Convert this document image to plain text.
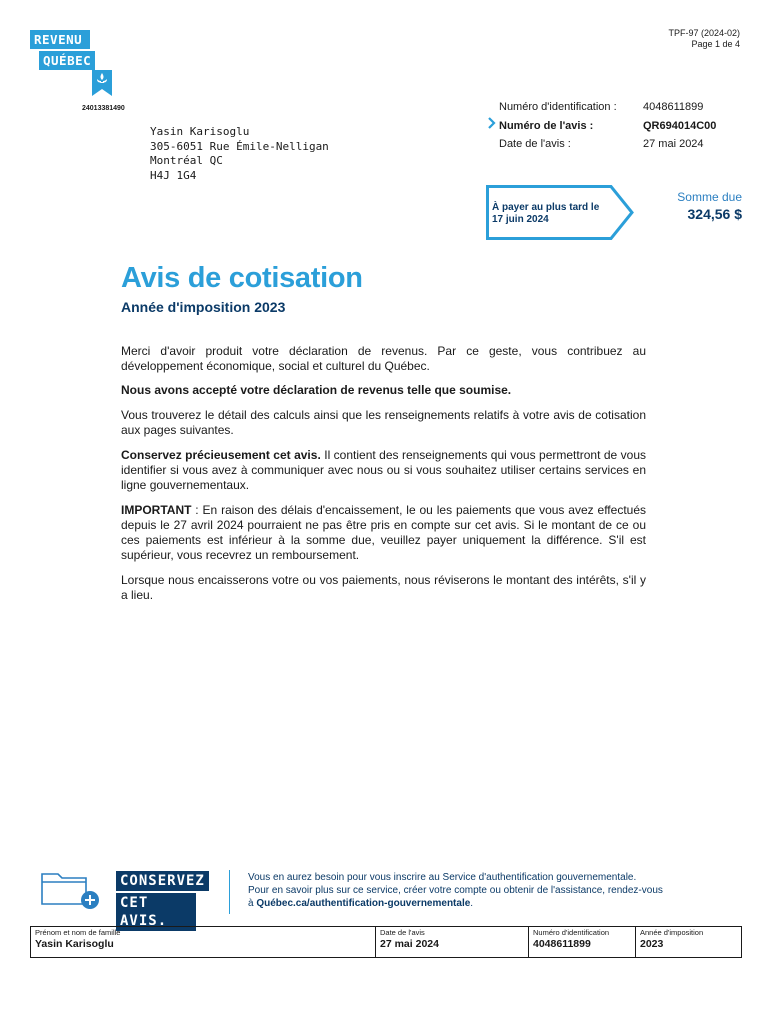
REVENU
QUÉBEC
24013381490
TPF-97 (2024-02)
Page 1 de 4
Yasin Karisoglu
305-6051 Rue Émile-Nelligan
Montréal QC
H4J 1G4
Numéro d'identification :	4048611899
Numéro de l'avis :	QR694014C00
Date de l'avis :	27 mai 2024
À payer au plus tard le
17 juin 2024
Somme due
324,56 $
Avis de cotisation
Année d'imposition 2023

Merci d'avoir produit votre déclaration de revenus. Par ce geste, vous contribuez au développement économique, social et culturel du Québec.

Nous avons accepté votre déclaration de revenus telle que soumise.

Vous trouverez le détail des calculs ainsi que les renseignements relatifs à votre avis de cotisation aux pages suivantes.

Conservez précieusement cet avis. Il contient des renseignements qui vous permettront de vous identifier si vous avez à communiquer avec nous ou si vous souhaitez utiliser certains services en ligne gouvernementaux.

IMPORTANT : En raison des délais d'encaissement, le ou les paiements que vous avez effectués depuis le 27 avril 2024 pourraient ne pas être pris en compte sur cet avis. Si le montant de ce ou ces paiements est inférieur à la somme due, veuillez payer uniquement la différence. S'il est supérieur, vous recevrez un remboursement.

Lorsque nous encaisserons votre ou vos paiements, nous réviserons le montant des intérêts, s'il y a lieu.

CONSERVEZ
CET AVIS.
Vous en aurez besoin pour vous inscrire au Service d'authentification gouvernementale.
Pour en savoir plus sur ce service, créer votre compte ou obtenir de l'assistance, rendez-vous
à Québec.ca/authentification-gouvernementale.
Prénom et nom de famille
Yasin Karisoglu
Date de l'avis
27 mai 2024
Numéro d'identification
4048611899
Année d'imposition
2023
